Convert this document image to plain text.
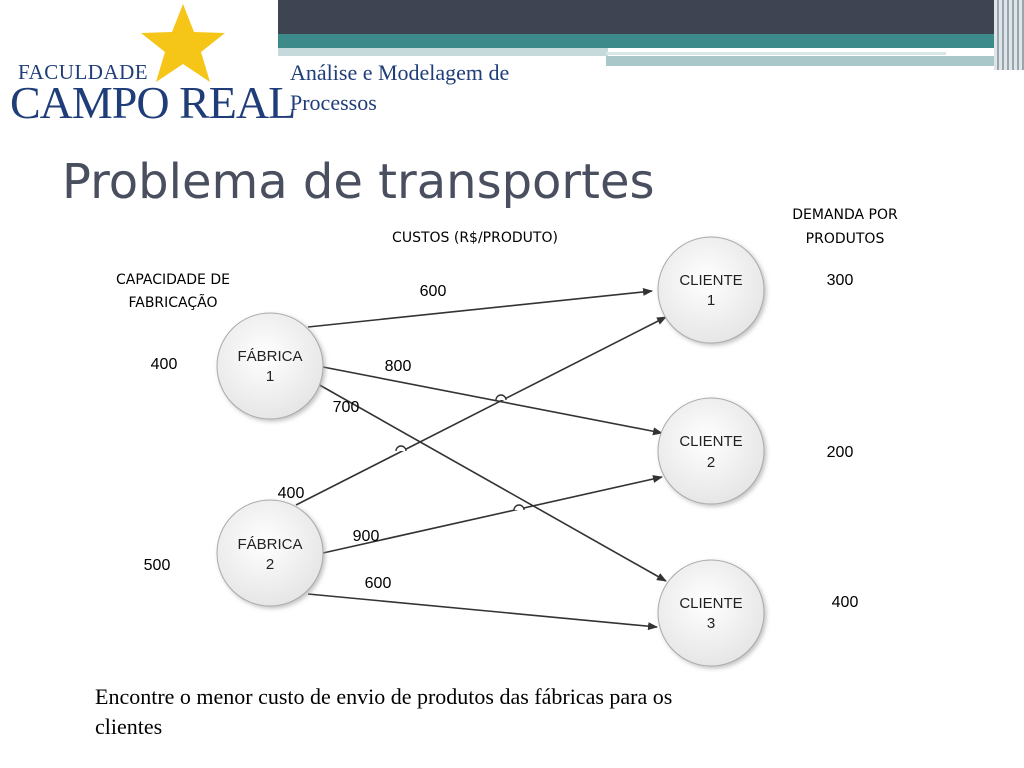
FACULDADE
CAMPO REAL
Análise e Modelagem de Processos
Problema de transportes
CUSTOS (R$/PRODUTO)
CAPACIDADE DE
FABRICAÇÃO
DEMANDA POR
PRODUTOS
600
800
700
400
900
600
400
500
300
200
400
FÁBRICA
1
FÁBRICA
2
CLIENTE
1
CLIENTE
2
CLIENTE
3
Encontre o menor custo de envio de produtos das fábricas para os clientes
